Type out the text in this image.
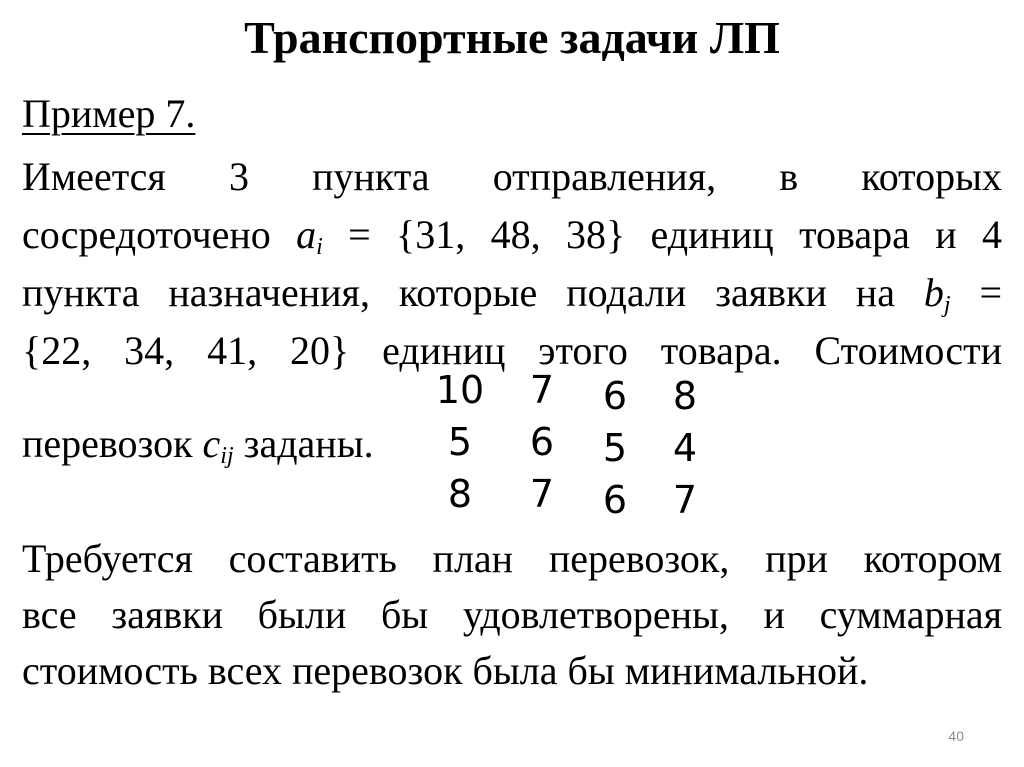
Транспортные задачи ЛП
Пример 7.
Имеется 3 пункта отправления, в которых
сосредоточено $a_i = \{31$, 48, 38} единиц товара и 4
пункта назначения, которые подали заявки на $b_j$ =
{22, 34, 41, 20} единиц этого товара. Стоимости
перевозок $c_{ij}$ заданы.
10	7	6	8
5	6	5	4
8	7	6	7
Требуется составить план перевозок, при котором
все заявки были бы удовлетворены, и суммарная
стоимость всех перевозок была бы минимальной.
40
